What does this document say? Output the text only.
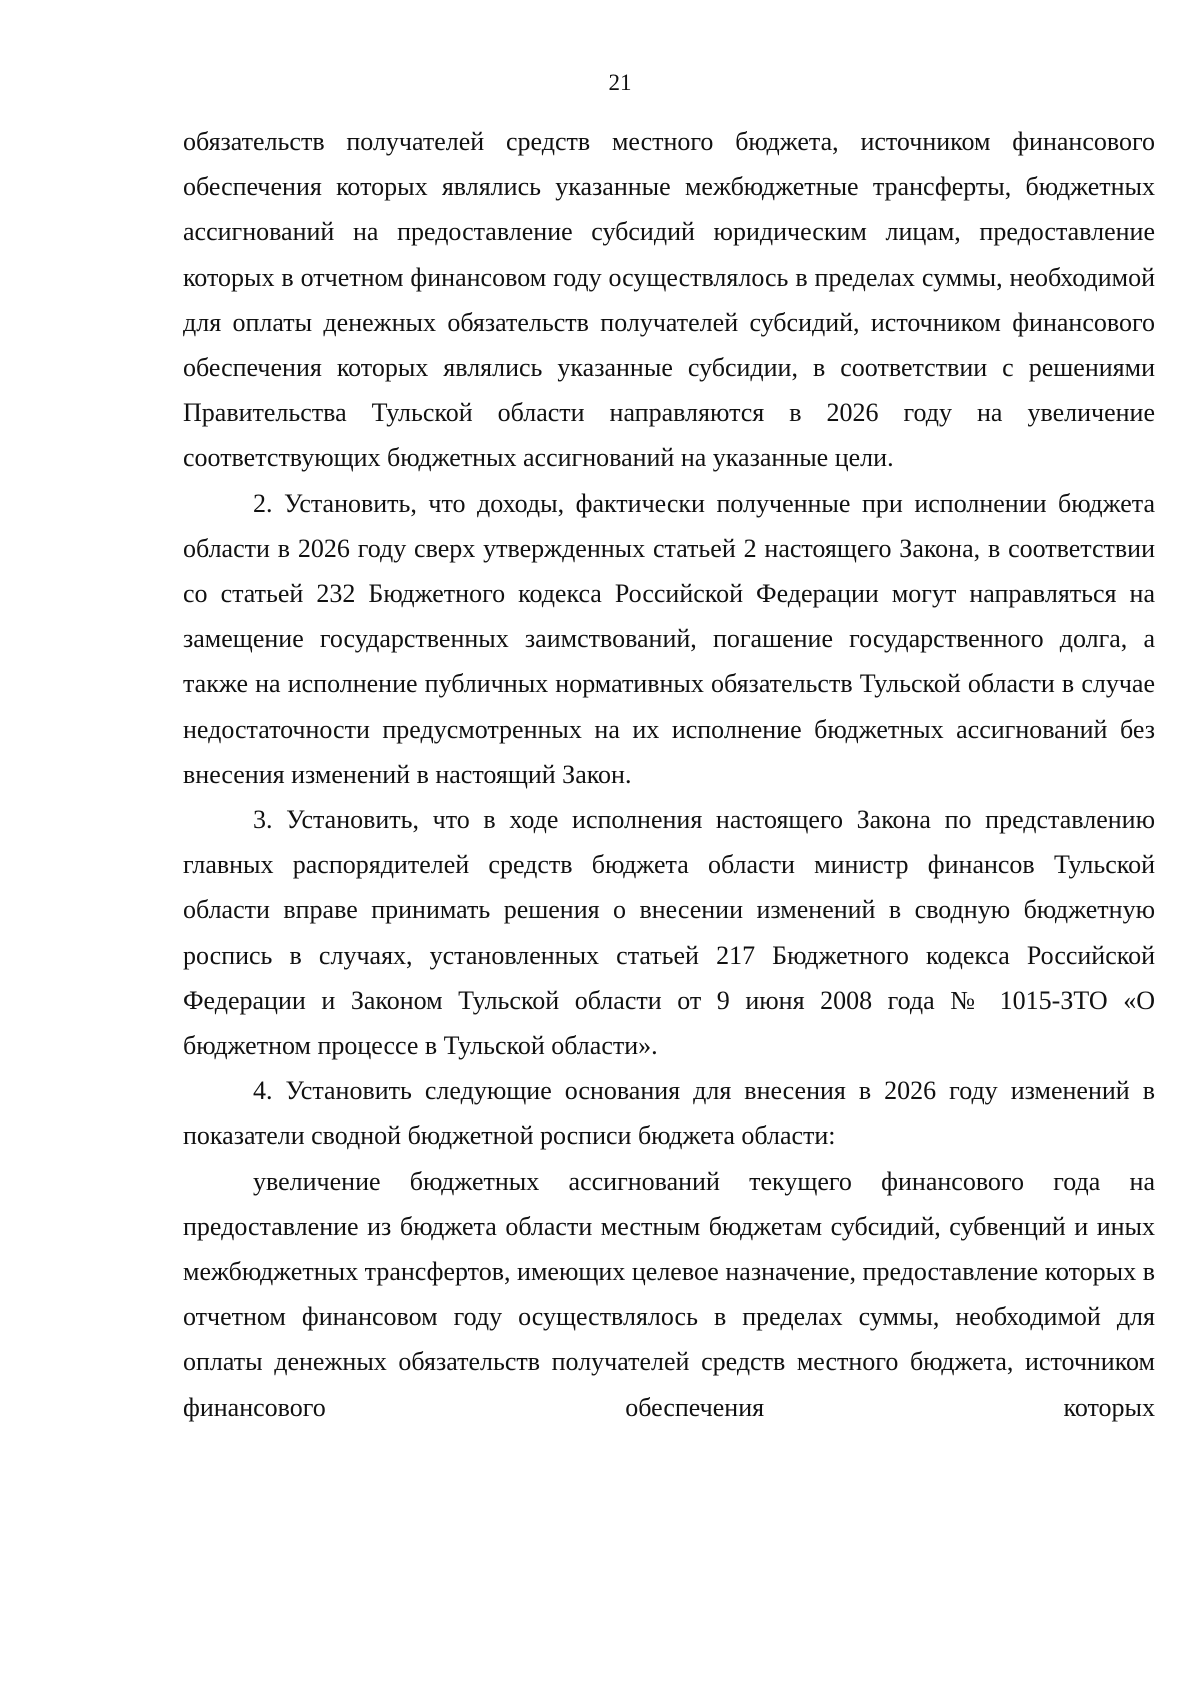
21

обязательств получателей средств местного бюджета, источником финансового обеспечения которых являлись указанные межбюджетные трансферты, бюджетных ассигнований на предоставление субсидий юридическим лицам, предоставление которых в отчетном финансовом году осуществлялось в пределах суммы, необходимой для оплаты денежных обязательств получателей субсидий, источником финансового обеспечения которых являлись указанные субсидии, в соответствии с решениями Правительства Тульской области направляются в 2026 году на увеличение соответствующих бюджетных ассигнований на указанные цели.

2. Установить, что доходы, фактически полученные при исполнении бюджета области в 2026 году сверх утвержденных статьей 2 настоящего Закона, в соответствии со статьей 232 Бюджетного кодекса Российской Федерации могут направляться на замещение государственных заимствований, погашение государственного долга, а также на исполнение публичных нормативных обязательств Тульской области в случае недостаточности предусмотренных на их исполнение бюджетных ассигнований без внесения изменений в настоящий Закон.

3. Установить, что в ходе исполнения настоящего Закона по представлению главных распорядителей средств бюджета области министр финансов Тульской области вправе принимать решения о внесении изменений в сводную бюджетную роспись в случаях, установленных статьей 217 Бюджетного кодекса Российской Федерации и Законом Тульской области от 9 июня 2008 года № 1015-ЗТО «О бюджетном процессе в Тульской области».

4. Установить следующие основания для внесения в 2026 году изменений в показатели сводной бюджетной росписи бюджета области:

увеличение бюджетных ассигнований текущего финансового года на предоставление из бюджета области местным бюджетам субсидий, субвенций и иных межбюджетных трансфертов, имеющих целевое назначение, предоставление которых в отчетном финансовом году осуществлялось в пределах суммы, необходимой для оплаты денежных обязательств получателей средств местного бюджета, источником финансового обеспечения которых
